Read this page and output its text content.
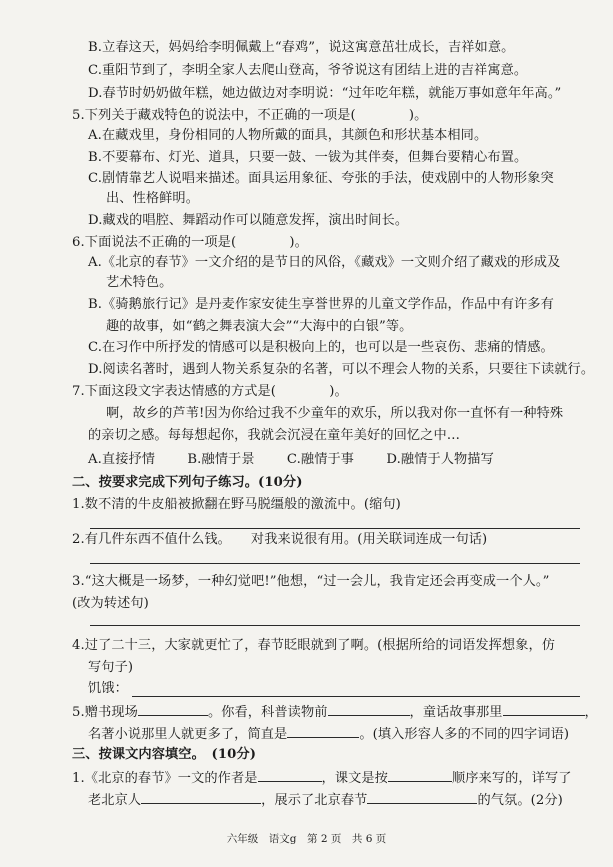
B.立春这天，妈妈给李明佩戴上“春鸡”，说这寓意茁壮成长，吉祥如意。
C.重阳节到了，李明全家人去爬山登高，爷爷说这有团结上进的吉祥寓意。
D.春节时奶奶做年糕，她边做边对李明说：“过年吃年糕，就能万事如意年年高。”
5.下列关于藏戏特色的说法中，不正确的一项是(　　　　)。
A.在藏戏里，身份相同的人物所戴的面具，其颜色和形状基本相同。
B.不要幕布、灯光、道具，只要一鼓、一钹为其伴奏，但舞台要精心布置。
C.剧情靠艺人说唱来描述。面具运用象征、夸张的手法，使戏剧中的人物形象突
出、性格鲜明。
D.藏戏的唱腔、舞蹈动作可以随意发挥，演出时间长。
6.下面说法不正确的一项是(　　　　)。
A.《北京的春节》一文介绍的是节日的风俗，《藏戏》一文则介绍了藏戏的形成及
艺术特色。
B.《骑鹅旅行记》是丹麦作家安徒生享誉世界的儿童文学作品，作品中有许多有
趣的故事，如“鹤之舞表演大会”“大海中的白银”等。
C.在习作中所抒发的情感可以是积极向上的，也可以是一些哀伤、悲痛的情感。
D.阅读名著时，遇到人物关系复杂的名著，可以不理会人物的关系，只要往下读就行。
7.下面这段文字表达情感的方式是(　　　　)。
啊，故乡的芦苇!因为你给过我不少童年的欢乐，所以我对你一直怀有一种特殊
的亲切之感。每每想起你，我就会沉浸在童年美好的回忆之中…
A.直接抒情 B.融情于景 C.融情于事 D.融情于人物描写
二、按要求完成下列句子练习。(10分)
1.数不清的牛皮船被掀翻在野马脱缰般的激流中。(缩句)
2.有几件东西不值什么钱。　　对我来说很有用。(用关联词连成一句话)
3.“这大概是一场梦，一种幻觉吧!”他想，“过一会儿，我肯定还会再变成一个人。”
(改为转述句)
4.过了二十三，大家就更忙了，春节眨眼就到了啊。(根据所给的词语发挥想象，仿
写句子)
饥饿：
5.赠书现场	。你看，科普读物前	，童话故事那里	，
名著小说那里人就更多了，简直是	。(填入形容人多的不同的四字词语)
三、按课文内容填空。　(10分)
1.《北京的春节》一文的作者是	，课文是按	顺序来写的，详写了
老北京人	，展示了北京春节	的气氛。(2分)
六年级　语文g　第 2 页　共 6 页
